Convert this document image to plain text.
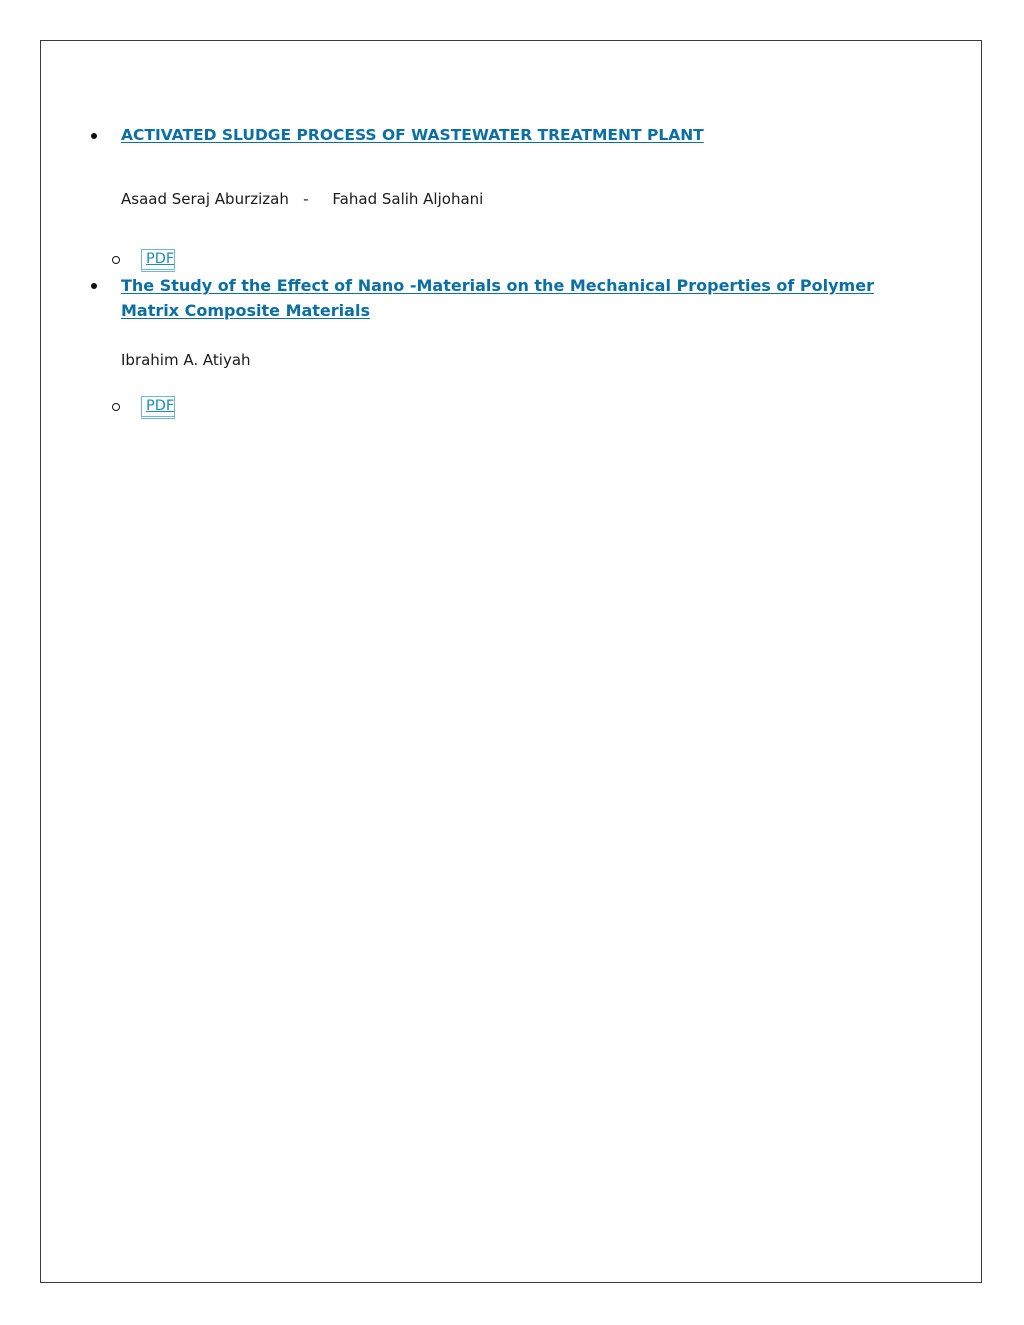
ACTIVATED SLUDGE PROCESS OF WASTEWATER TREATMENT PLANT
Asaad Seraj Aburzizah   -     Fahad Salih Aljohani
PDF
The Study of the Effect of Nano -Materials on the Mechanical Properties of Polymer Matrix Composite Materials
Ibrahim A. Atiyah
PDF
